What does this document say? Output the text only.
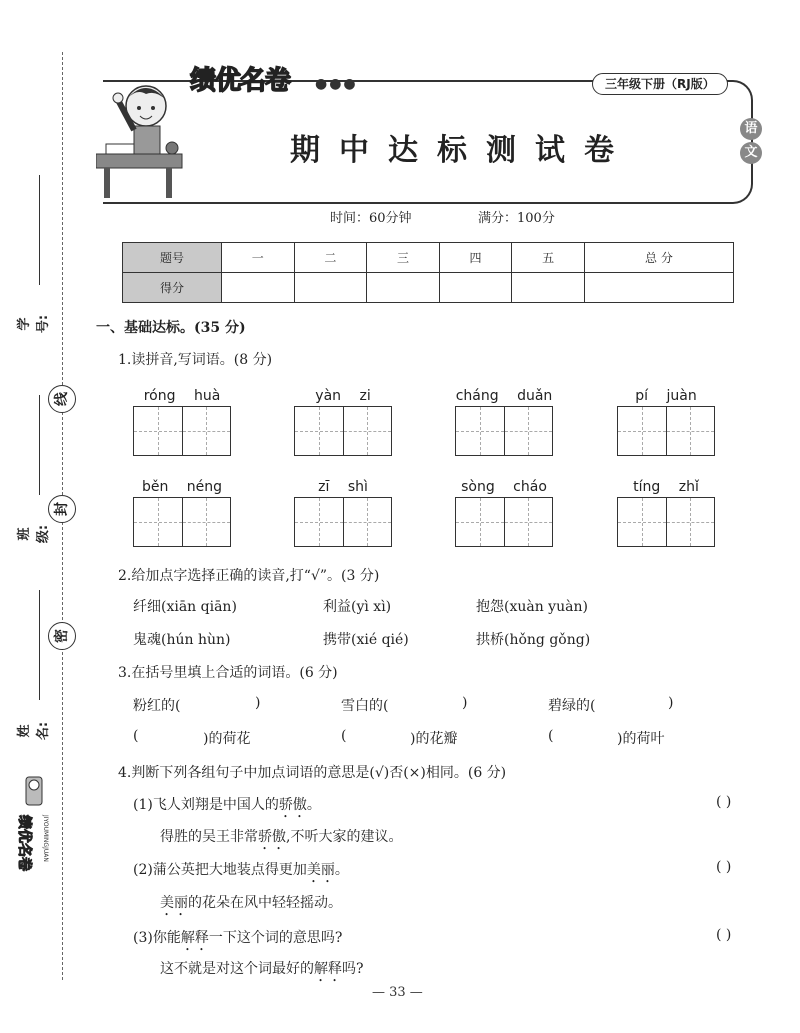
学号:
线
班级:
封
密
姓名:
绩优名卷 JIYOUMINGJUAN
绩优名卷 ●●●	三年级下册（RJ版）
期中达标测试卷
语
文
时间：60分钟	满分：100分
题号	一	二	三	四	五	总 分
得分						
一、基础达标。(35 分)
1.读拼音,写词语。(8 分)
róng huà	yàn zi	cháng duǎn	pí juàn
běn néng	zī shì	sòng cháo	tíng zhǐ
2.给加点字选择正确的读音,打“√”。(3 分)
纤细(xiān qiān)	利益(yì xì)	抱怨(xuàn yuàn)
鬼魂(hún hùn)	携带(xié qié)	拱桥(hǒng gǒng)
3.在括号里填上合适的词语。(6 分)
粉红的(	)	雪白的(	)	碧绿的(	)
(	)的荷花	(	)的花瓣	(	)的荷叶
4.判断下列各组句子中加点词语的意思是(√)否(×)相同。(6 分)
(1)飞人刘翔是中国人的骄傲。	( )
得胜的吴王非常骄傲,不听大家的建议。
(2)蒲公英把大地装点得更加美丽。	( )
美丽的花朵在风中轻轻摇动。
(3)你能解释一下这个词的意思吗?	( )
这不就是对这个词最好的解释吗?
— 33 —
